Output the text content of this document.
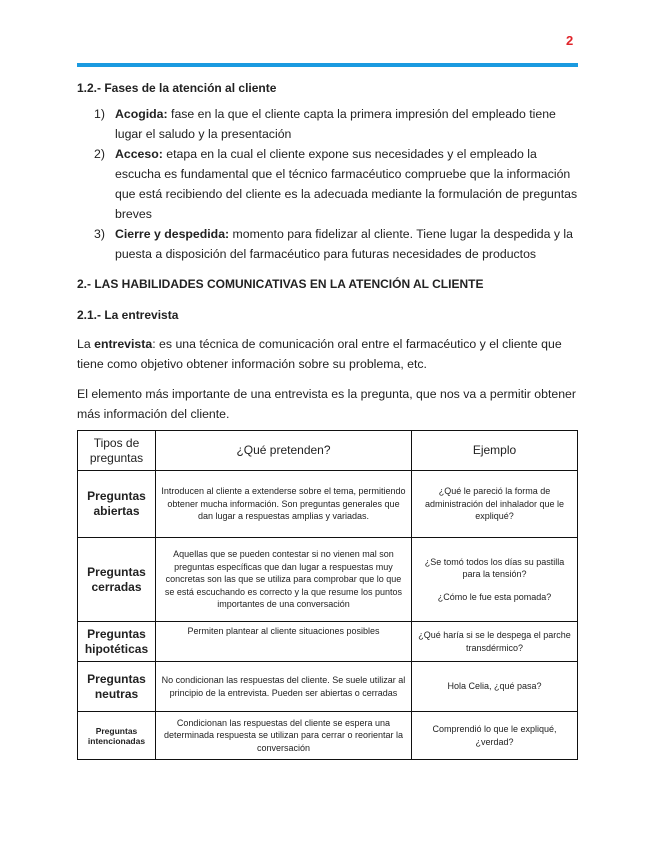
2

1.2.- Fases de la atención al cliente

1) Acogida: fase en la que el cliente capta la primera impresión del empleado tiene lugar el saludo y la presentación
2) Acceso: etapa en la cual el cliente expone sus necesidades y el empleado la escucha es fundamental que el técnico farmacéutico compruebe que la información que está recibiendo del cliente es la adecuada mediante la formulación de preguntas breves
3) Cierre y despedida: momento para fidelizar al cliente. Tiene lugar la despedida y la puesta a disposición del farmacéutico para futuras necesidades de productos

2.- LAS HABILIDADES COMUNICATIVAS EN LA ATENCIÓN AL CLIENTE

2.1.- La entrevista

La entrevista: es una técnica de comunicación oral entre el farmacéutico y el cliente que tiene como objetivo obtener información sobre su problema, etc.

El elemento más importante de una entrevista es la pregunta, que nos va a permitir obtener más información del cliente.

Tipos de preguntas	¿Qué pretenden?	Ejemplo
Preguntas abiertas	Introducen al cliente a extenderse sobre el tema, permitiendo obtener mucha información. Son preguntas generales que dan lugar a respuestas amplias y variadas.	¿Qué le pareció la forma de administración del inhalador que le expliqué?
Preguntas cerradas	Aquellas que se pueden contestar si no vienen mal son preguntas específicas que dan lugar a respuestas muy concretas son las que se utiliza para comprobar que lo que se está escuchando es correcto y la que resume los puntos importantes de una conversación	¿Se tomó todos los días su pastilla para la tensión?
¿Cómo le fue esta pomada?

Preguntas hipotéticas	Permiten plantear al cliente situaciones posibles	¿Qué haría si se le despega el parche transdérmico?
Preguntas neutras	No condicionan las respuestas del cliente. Se suele utilizar al principio de la entrevista. Pueden ser abiertas o cerradas	Hola Celia, ¿qué pasa?
Preguntas intencionadas	Condicionan las respuestas del cliente se espera una determinada respuesta se utilizan para cerrar o reorientar la conversación	Comprendió lo que le expliqué, ¿verdad?
